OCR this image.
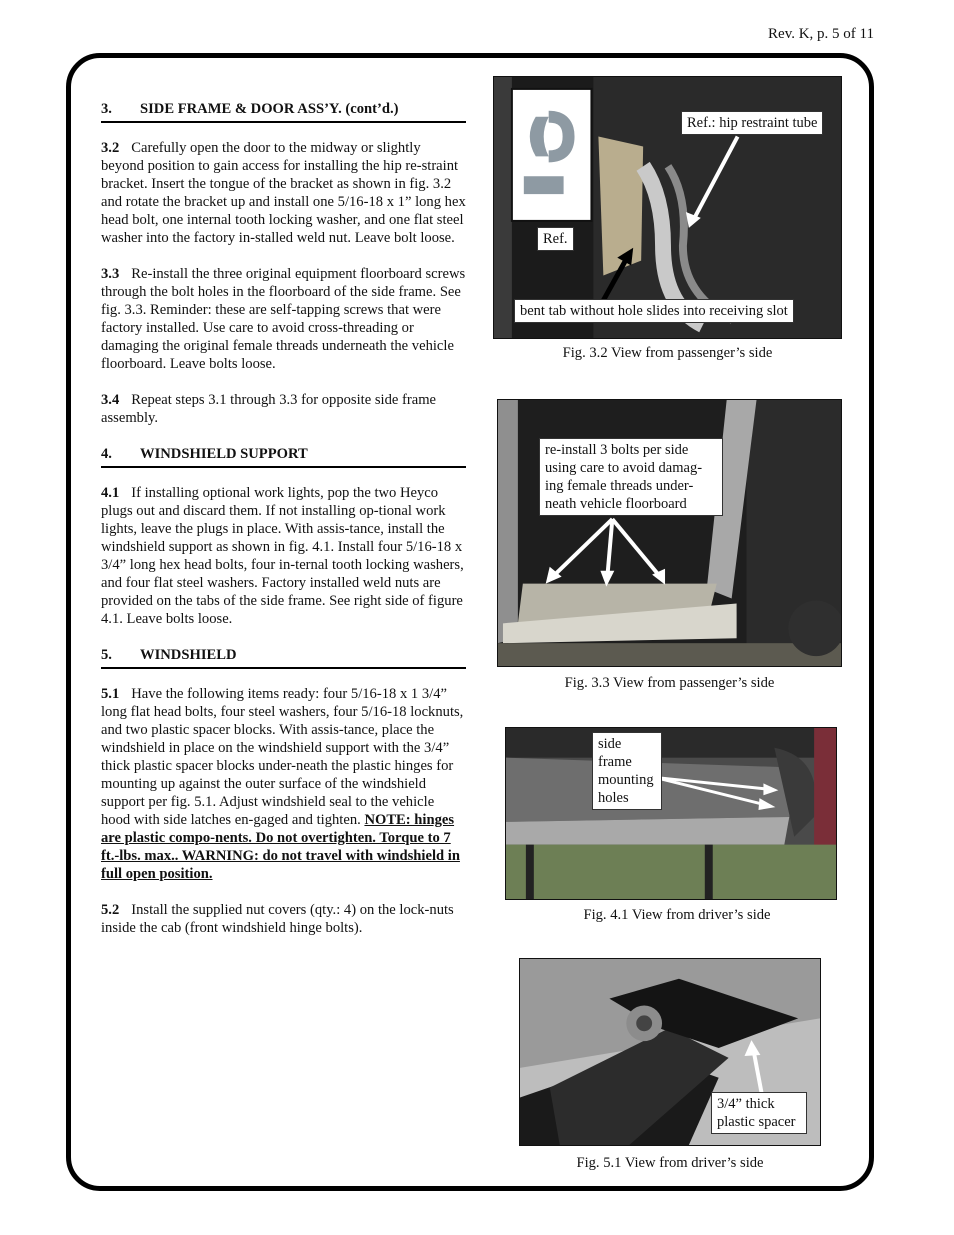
Rev. K, p. 5 of 11
3. SIDE FRAME & DOOR ASS’Y. (cont’d.)
3.2 Carefully open the door to the midway or slightly beyond position to gain access for installing the hip re-straint bracket. Insert the tongue of the bracket as shown in fig. 3.2 and rotate the bracket up and install one 5/16-18 x 1” long hex head bolt, one internal tooth locking washer, and one flat steel washer into the factory in-stalled weld nut. Leave bolt loose.
3.3 Re-install the three original equipment floorboard screws through the bolt holes in the floorboard of the side frame. See fig. 3.3. Reminder: these are self-tapping screws that were factory installed. Use care to avoid cross-threading or damaging the original female threads underneath the vehicle floorboard. Leave bolts loose.
3.4 Repeat steps 3.1 through 3.3 for opposite side frame assembly.
4. WINDSHIELD SUPPORT
4.1 If installing optional work lights, pop the two Heyco plugs out and discard them. If not installing op-tional work lights, leave the plugs in place. With assis-tance, install the windshield support as shown in fig. 4.1. Install four 5/16-18 x 3/4” long hex head bolts, four in-ternal tooth locking washers, and four flat steel washers. Factory installed weld nuts are provided on the tabs of the side frame. See right side of figure 4.1. Leave bolts loose.
5. WINDSHIELD
5.1 Have the following items ready: four 5/16-18 x 1 3/4” long flat head bolts, four steel washers, four 5/16-18 locknuts, and two plastic spacer blocks. With assis-tance, place the windshield in place on the windshield support with the 3/4” thick plastic spacer blocks under-neath the plastic hinges for mounting up against the outer surface of the windshield support per fig. 5.1. Adjust windshield seal to the vehicle hood with side latches en-gaged and tighten. NOTE: hinges are plastic compo-nents. Do not overtighten. Torque to 7 ft.-lbs. max.. WARNING: do not travel with windshield in full open position.
5.2 Install the supplied nut covers (qty.: 4) on the lock-nuts inside the cab (front windshield hinge bolts).
Ref.: hip restraint tube
Ref.
bent tab without hole slides into receiving slot
Fig. 3.2 View from passenger’s side
re-install 3 bolts per side using care to avoid damag-ing female threads under-neath vehicle floorboard
Fig. 3.3 View from passenger’s side
side frame mounting holes
Fig. 4.1 View from driver’s side
3/4” thick plastic spacer
Fig. 5.1 View from driver’s side
